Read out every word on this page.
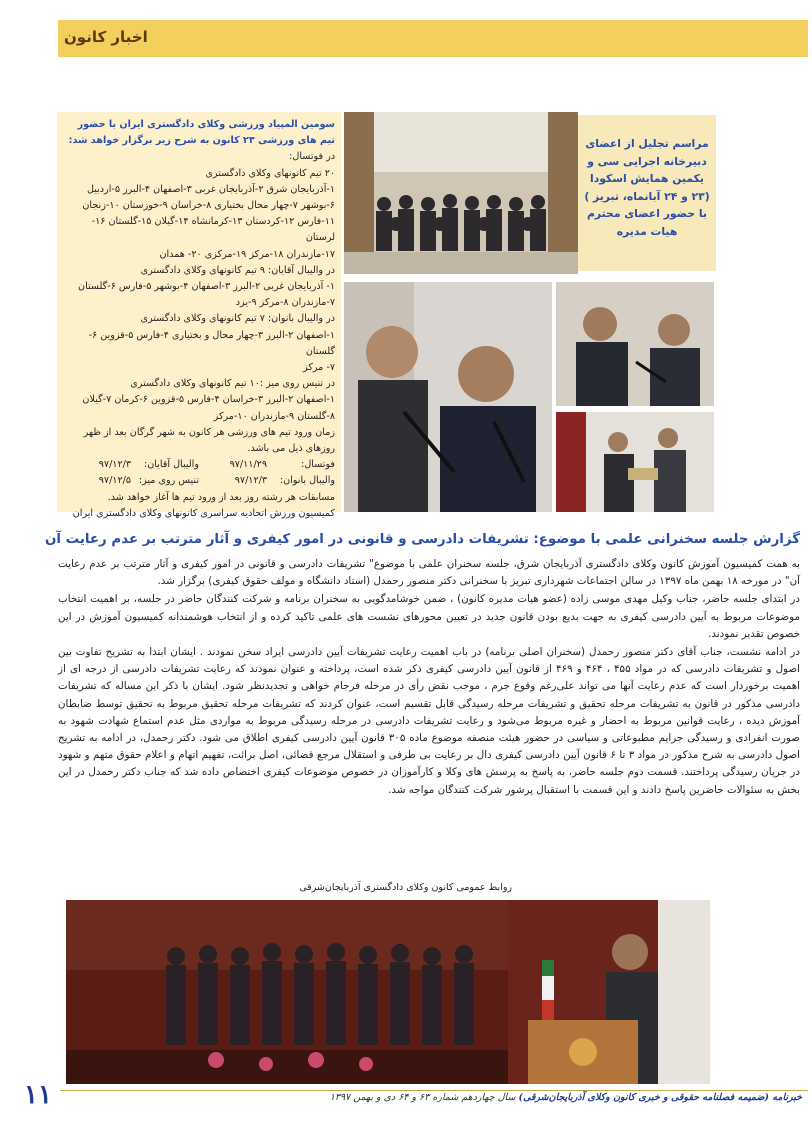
اخبار کانون

سومین المپیاد ورزشی وکلای دادگستری ایران با حضور تیم های ورزشی ۲۳ کانون به شرح زیر برگزار خواهد شد:

در فوتسال:

۲۰ تیم کانونهای وکلای دادگستری

۱-آذربایجان شرق ۲-آذربایجان غربی ۳-اصفهان ۴-البرز ۵-اردبیل

۶-بوشهر ۷-چهار محال بختیاری ۸-خراسان ۹-خوزستان ۱۰-زنجان

۱۱-فارس ۱۲-کردستان ۱۳-کرمانشاه ۱۴-گیلان ۱۵-گلستان ۱۶-لرستان

۱۷-مازندران ۱۸-مرکز ۱۹-مرکزی ۲۰- همدان

در والیبال آقایان: ۹ تیم کانونهای وکلای دادگستری

۱- آذربایجان غربی ۲-البرز ۳-اصفهان ۴-بوشهر ۵-فارس ۶-گلستان

۷-مازندران ۸-مرکز ۹-یزد

در والیبال بانوان: ۷ تیم کانونهای وکلای دادگستری

۱-اصفهان ۲-البرز ۳-چهار محال و بختیاری ۴-فارس ۵-قزوین ۶-گلستان

۷- مرکز

در تنیس روی میز :۱۰ تیم کانونهای وکلای دادگستری

۱-اصفهان ۲-البرز ۳-خراسان ۴-فارس ۵-قزوین ۶-کرمان ۷-گیلان

۸-گلستان ۹-مازندران ۱۰-مرکز

زمان ورود تیم های ورزشی هر کانون به شهر گرگان بعد از ظهر روزهای ذیل می باشد.

فوتسال:
۹۷/۱۱/۲۹
والیبال آقایان:
۹۷/۱۲/۳
والیبال بانوان:
۹۷/۱۲/۳
تنیس روی میز:
۹۷/۱۲/۵

مسابقات هر رشته روز بعد از ورود تیم ها آغاز خواهد شد.

کمیسیون ورزش اتحادیه سراسری کانونهای وکلای دادگستری ایران

مراسم تجلیل از اعضای دبیرخانه اجرایی سی و یکمین همایش اسکودا (۲۳ و ۲۴ آبانماه، تبریز ) با حضور اعضای محترم هیات مدیره
گزارش جلسه سخنرانی علمی با موضوع: تشریفات دادرسی و قانونی در امور کیفری و آثار مترتب بر عدم رعایت آن

به همت کمیسیون آموزش کانون وکلای دادگستری آذربایجان شرق، جلسه سخنران علمی با موضوع" تشریفات دادرسی و قانونی در امور کیفری و آثار مترتب بر عدم رعایت آن" در مورخه ۱۸ بهمن ماه ۱۳۹۷ در سالن اجتماعات شهرداری تبریز با سخنرانی دکتر منصور رحمدل (استاد دانشگاه و مولف حقوق کیفری) برگزار شد.

در ابتدای جلسه حاضر، جناب وکیل مهدی موسی زاده (عضو هیات مدیره کانون) ، ضمن خوشامدگویی به سخنران برنامه و شرکت کنندگان حاضر در جلسه، بر اهمیت انتخاب موضوعات مربوط به آیین دادرسی کیفری به جهت بدیع بودن قانون جدید در تعیین محورهای نشست های علمی تاکید کرده و از انتخاب هوشمندانه کمیسیون آموزش در این خصوص تقدیر نمودند.

در ادامه نشست، جناب آقای دکتر منصور رحمدل (سخنران اصلی برنامه) در باب اهمیت رعایت تشریفات آیین دادرسی ایراد سخن نمودند . ایشان ابتدا به تشریح تفاوت بین اصول و تشریفات دادرسی که در مواد ۴۵۵ ، ۴۶۴ و ۴۶۹ از قانون آیین دادرسی کیفری ذکر شده است، پرداخته و عنوان نمودند که رعایت تشریفات دادرسی از درجه ای از اهمیت برخوردار است که عدم رعایت آنها می تواند علی‌رغم وقوع جرم ، موجب نقض رأی در مرحله فرجام خواهی و تجدیدنظر شود. ایشان با ذکر این مساله که تشریفات دادرسی مذکور در قانون به تشریفات مرحله تحقیق و تشریفات مرحله رسیدگی قابل تقسیم است، عنوان کردند که تشریفات مرحله تحقیق مربوط به تحقیق توسط ضابطان آموزش دیده ، رعایت قوانین مربوط به احضار و غیره مربوط می‌شود و رعایت تشریفات دادرسی در مرحله رسیدگی مربوط به مواردی مثل عدم استماع شهادت شهود به صورت انفرادی و رسیدگی جرایم مطبوعاتی و سیاسی در حضور هیئت منصفه موضوع ماده ۳۰۵ قانون آیین دادرسی کیفری اطلاق می شود. دکتر رحمدل، در ادامه به تشریح اصول دادرسی به شرح مذکور در مواد ۳ تا ۶ قانون آیین دادرسی کیفری دال بر رعایت بی طرفی و استقلال مرجع قضائی، اصل برائت، تفهیم اتهام و اعلام حقوق متهم و شهود در جریان رسیدگی پرداختند. قسمت دوم جلسه حاضر، به پاسخ به پرسش های وکلا و کارآموزان در خصوص موضوعات کیفری اختصاص داده شد که جناب دکتر رحمدل در این بخش به سئوالات حاضرین پاسخ دادند و این قسمت با استقبال پرشور شرکت کنندگان مواجه شد.

روابط عمومی کانون وکلای دادگستری آذربایجان‌شرقی
۱۱	خبرنامه (ضمیمه فصلنامه حقوقی و خبری کانون وکلای آذربایجان‌شرقی) سال چهاردهم شماره ۶۳ و ۶۴ دی و بهمن ۱۳۹۷
